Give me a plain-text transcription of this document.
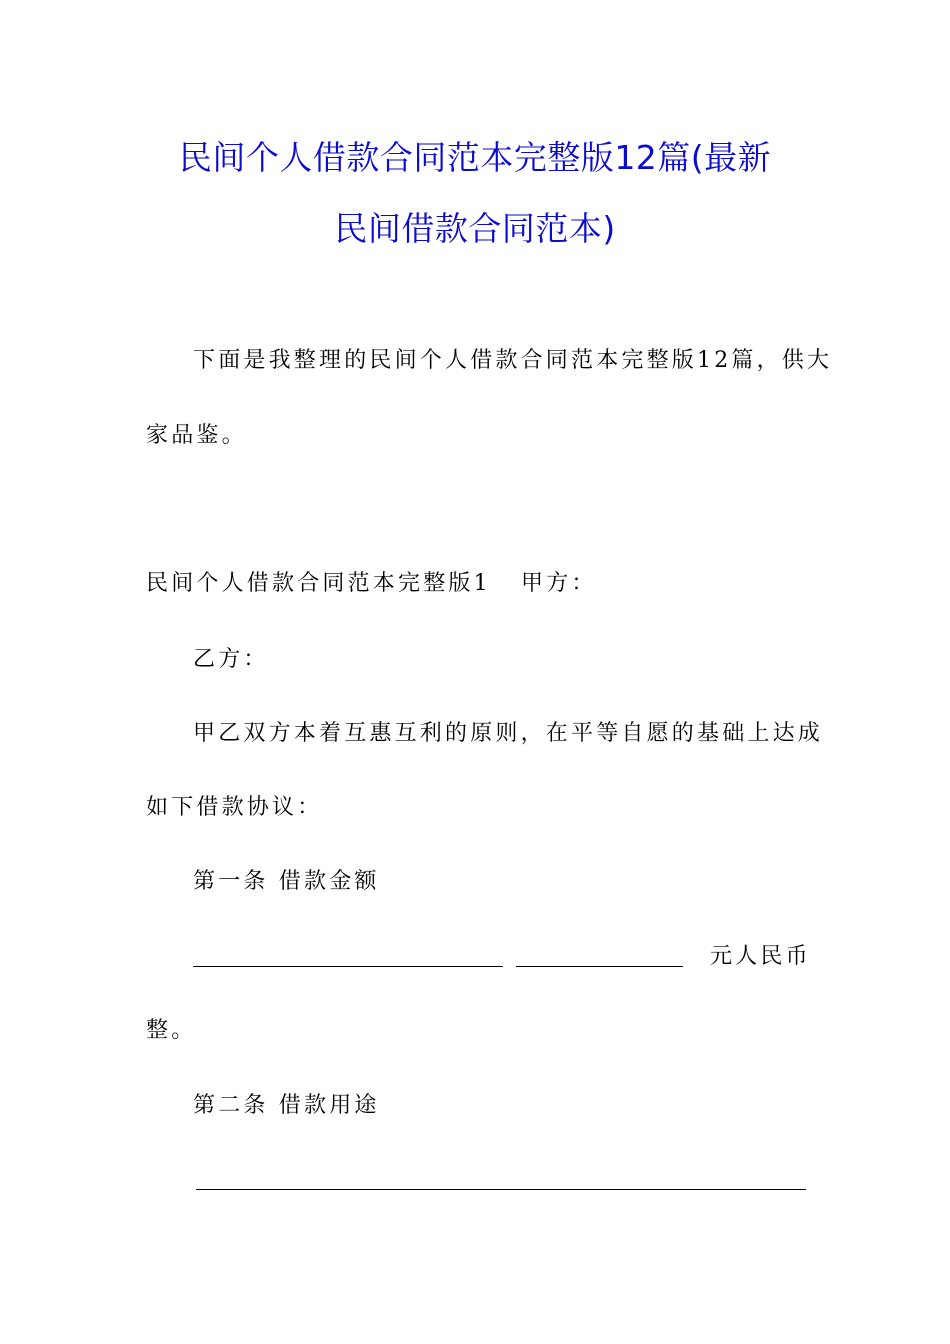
民间个人借款合同范本完整版12篇(最新
民间借款合同范本)
下面是我整理的民间个人借款合同范本完整版12篇，供大
家品鉴。
民间个人借款合同范本完整版1 甲方：
乙方：
甲乙双方本着互惠互利的原则，在平等自愿的基础上达成
如下借款协议：
第一条 借款金额
元人民币
整。
第二条 借款用途
